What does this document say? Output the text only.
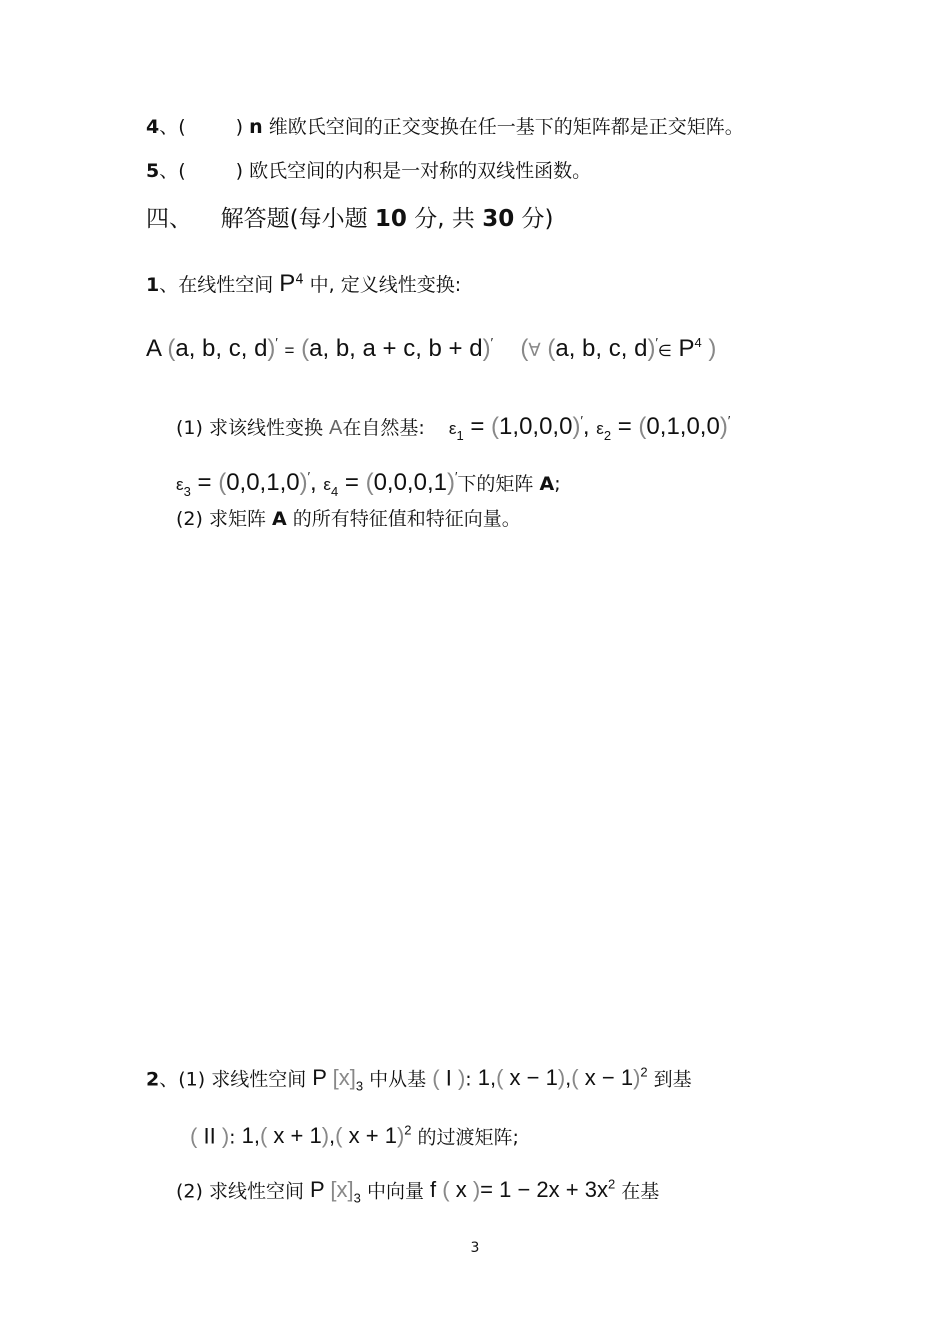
4、(	) n 维欧氏空间的正交变换在任一基下的矩阵都是正交矩阵。
5、(	) 欧氏空间的内积是一对称的双线性函数。
四、 解答题(每小题 10 分, 共 30 分)
1、在线性空间 $P^4$ 中, 定义线性变换:
A (a, b, c, d)′ = (a, b, a + c, b + d)′ (∀ (a, b, c, d)′∈ $P^4$ )
(1) 求该线性变换 A在自然基: $\varepsilon_1 = (1,0,0,0)'$, $\varepsilon_2 = (0,1,0,0)'$
$\varepsilon_3 = (0,0,1,0)'$, $\varepsilon_4 = (0,0,0,1)'$下的矩阵 A;
(2) 求矩阵 A 的所有特征值和特征向量。
2、(1) 求线性空间 P $[x]_3$ 中从基 ( I ): 1,( x − 1),( x − 1)$^2$ 到基
( II ): 1,( x + 1),( x + 1)$^2$ 的过渡矩阵;
(2) 求线性空间 P $[x]_3$ 中向量 f ( x )= $1 - 2x + 3x^2$ 在基
3
